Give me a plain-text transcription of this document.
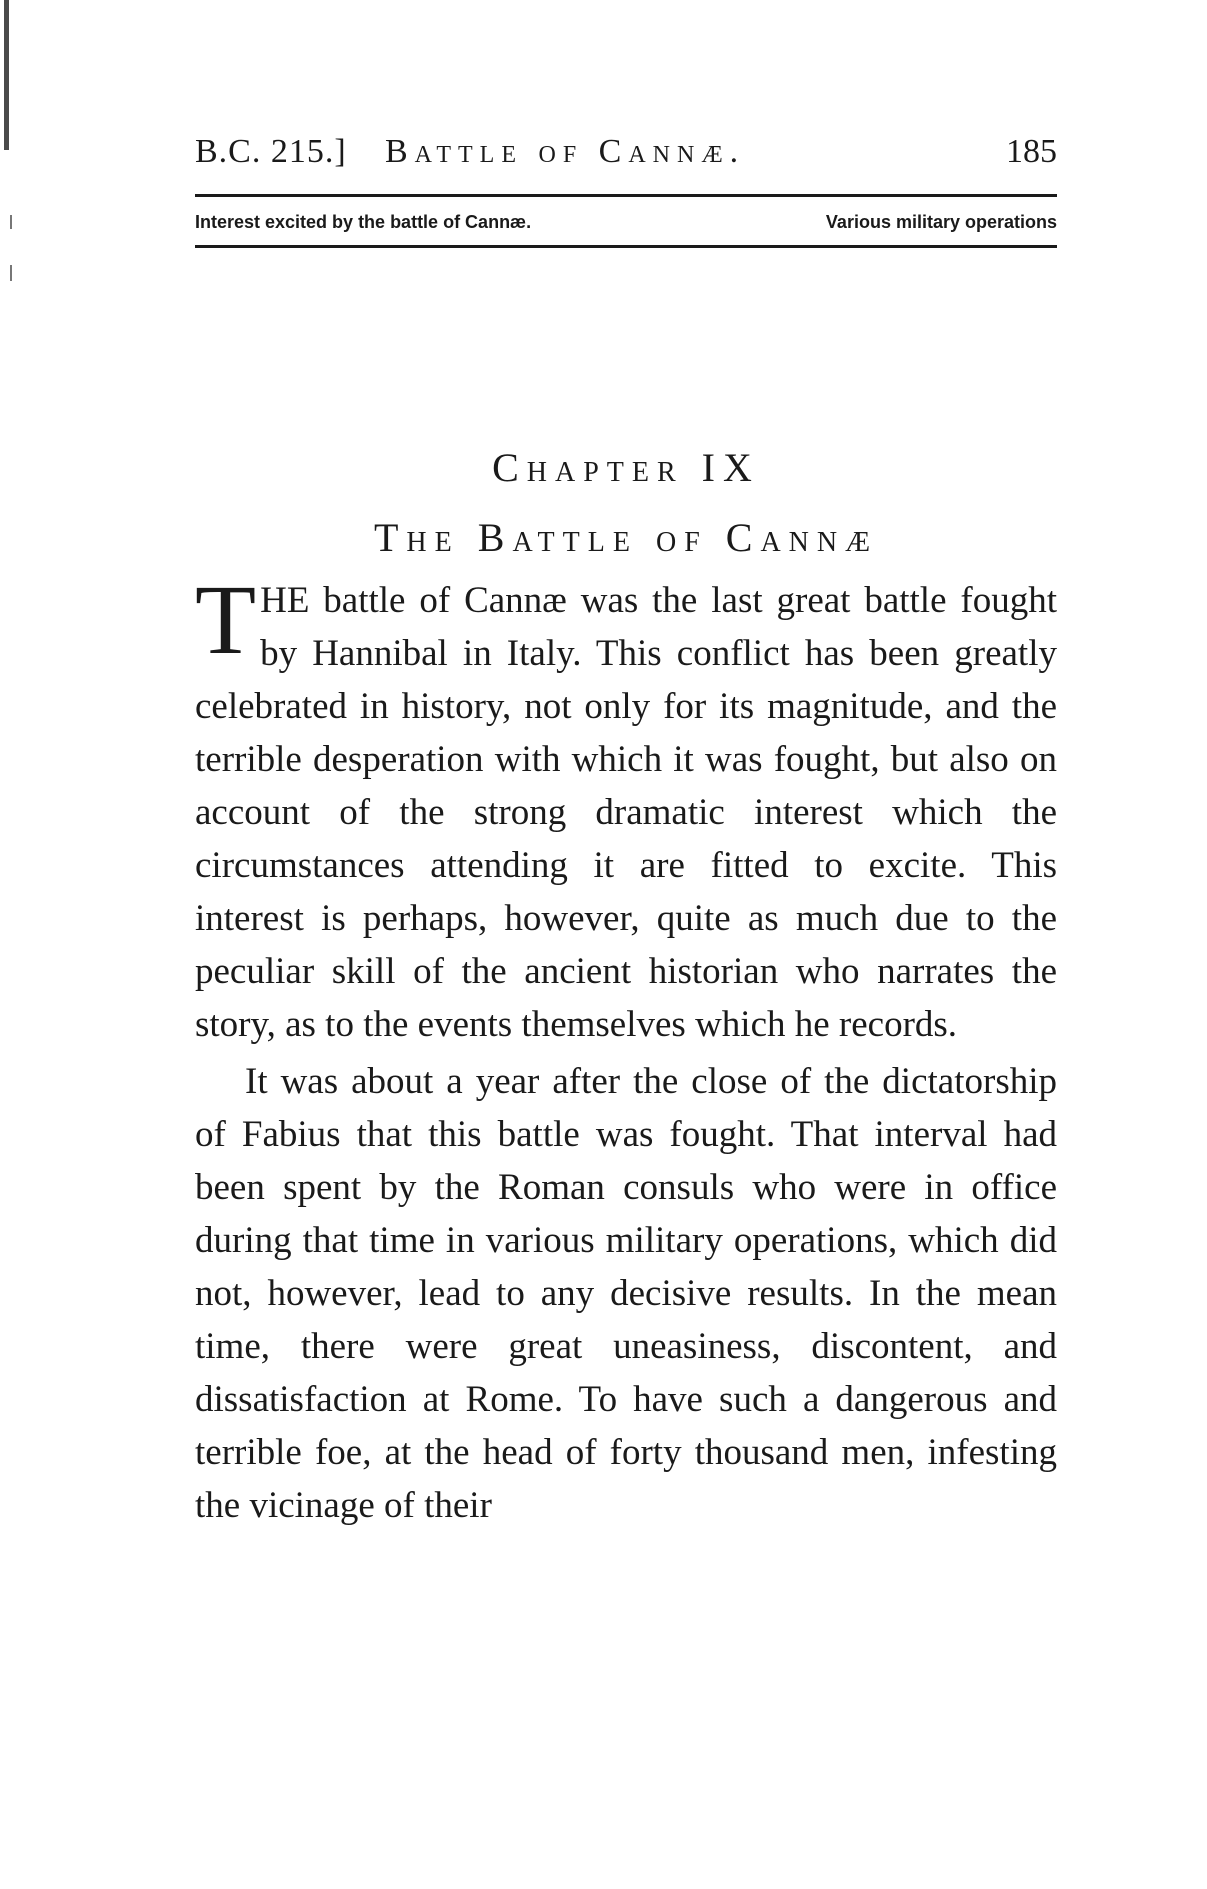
B.C. 215.] Battle of Cannæ.	185
Interest excited by the battle of Cannæ.	Various military operations
Chapter IX
The Battle of Cannæ

THE battle of Cannæ was the last great battle fought by Hannibal in Italy. This conflict has been greatly celebrated in history, not only for its magnitude, and the terrible desperation with which it was fought, but also on account of the strong dramatic interest which the circumstances attending it are fitted to excite. This interest is perhaps, however, quite as much due to the peculiar skill of the ancient historian who narrates the story, as to the events themselves which he records.

It was about a year after the close of the dictatorship of Fabius that this battle was fought. That interval had been spent by the Roman consuls who were in office during that time in various military operations, which did not, however, lead to any decisive results. In the mean time, there were great uneasiness, discontent, and dissatisfaction at Rome. To have such a dangerous and terrible foe, at the head of forty thousand men, infesting the vicinage of their
